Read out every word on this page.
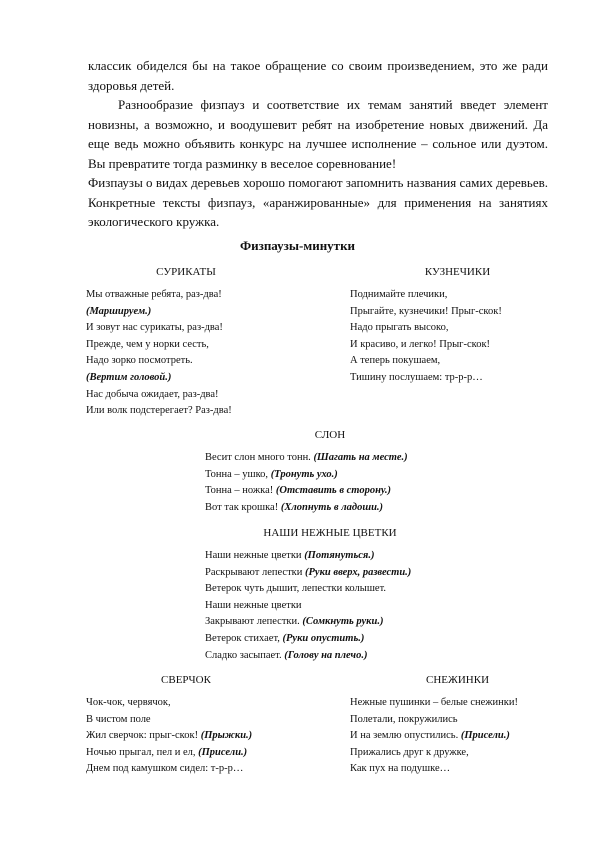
классик обиделся бы на такое обращение со своим произведением, это же ради здоровья детей.

Разнообразие физпауз и соответствие их темам занятий введет элемент новизны, а возможно, и воодушевит ребят на изобретение новых движений. Да еще ведь можно объявить конкурс на лучшее исполнение – сольное или дуэтом. Вы превратите тогда разминку в веселое соревнование!

Физпаузы о видах деревьев хорошо помогают запомнить названия самих деревьев. Конкретные тексты физпауз, «аранжированные» для применения на занятиях экологического кружка.

Физпаузы-минутки
СУРИКАТЫ
Мы отважные ребята, раз-два!
(Маршируем.)
И зовут нас сурикаты, раз-два!
Прежде, чем у норки сесть,
Надо зорко посмотреть.
(Вертим головой.)
Нас добыча ожидает, раз-два!
Или волк подстерегает? Раз-два!
КУЗНЕЧИКИ
Поднимайте плечики,
Прыгайте, кузнечики! Прыг-скок!
Надо прыгать высоко,
И красиво, и легко! Прыг-скок!
А теперь покушаем,
Тишину послушаем: тр-р-р…
СЛОН
Весит слон много тонн. (Шагать на месте.)
Тонна – ушко, (Тронуть ухо.)
Тонна – ножка! (Отставить в сторону.)
Вот так крошка! (Хлопнуть в ладоши.)
НАШИ НЕЖНЫЕ ЦВЕТКИ
Наши нежные цветки (Потянуться.)
Раскрывают лепестки (Руки вверх, развести.)
Ветерок чуть дышит, лепестки колышет.
Наши нежные цветки
Закрывают лепестки. (Сомкнуть руки.)
Ветерок стихает, (Руки опустить.)
Сладко засыпает. (Голову на плечо.)
СВЕРЧОК
Чок-чок, червячок,
В чистом поле
Жил сверчок: прыг-скок! (Прыжки.)
Ночью прыгал, пел и ел, (Присели.)
Днем под камушком сидел: т-р-р…
СНЕЖИНКИ
Нежные пушинки – белые снежинки!
Полетали, покружились
И на землю опустились. (Присели.)
Прижались друг к дружке,
Как пух на подушке…
